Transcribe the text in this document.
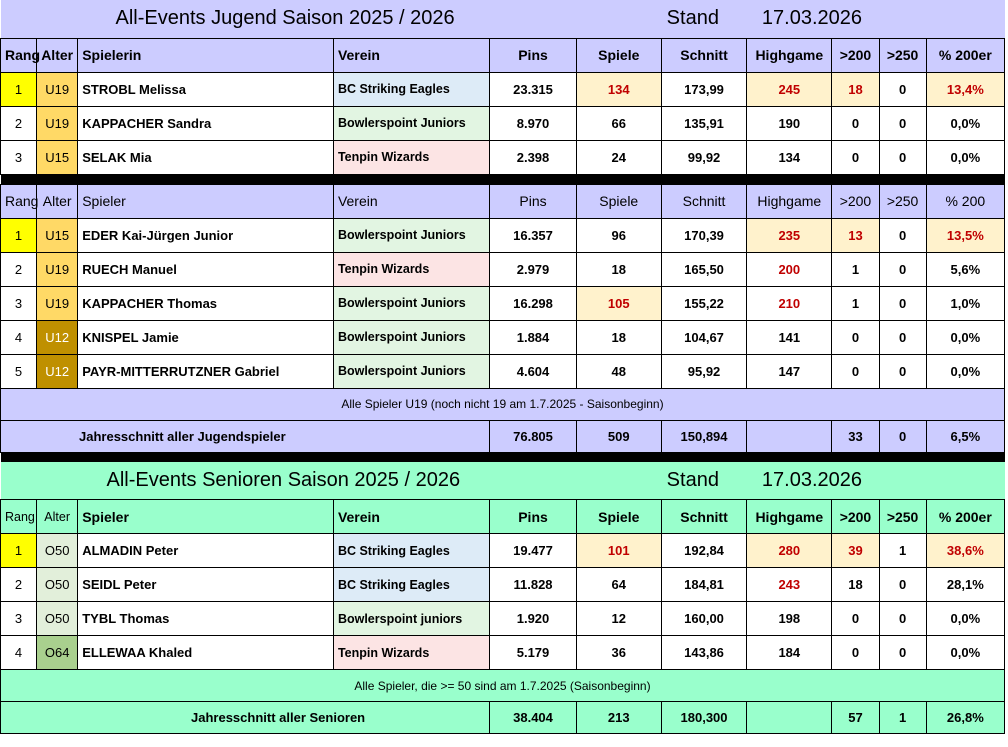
All-Events Jugend Saison 2025 / 2026							Stand	17.03.2026		
Rang	Alter	Spielerin	Verein	Pins	Spiele	Schnitt	Highgame	>200	>250	% 200er
1	U19	STROBL Melissa	BC Striking Eagles	23.315	134	173,99	245	18	0	13,4%
2	U19	KAPPACHER Sandra	Bowlerspoint Juniors	8.970	66	135,91	190	0	0	0,0%
3	U15	SELAK Mia	Tenpin Wizards	2.398	24	99,92	134	0	0	0,0%

Rang	Alter	Spieler	Verein	Pins	Spiele	Schnitt	Highgame	>200	>250	% 200
1	U15	EDER Kai-Jürgen Junior	Bowlerspoint Juniors	16.357	96	170,39	235	13	0	13,5%
2	U19	RUECH Manuel	Tenpin Wizards	2.979	18	165,50	200	1	0	5,6%
3	U19	KAPPACHER Thomas	Bowlerspoint Juniors	16.298	105	155,22	210	1	0	1,0%
4	U12	KNISPEL Jamie	Bowlerspoint Juniors	1.884	18	104,67	141	0	0	0,0%
5	U12	PAYR-MITTERRUTZNER Gabriel	Bowlerspoint Juniors	4.604	48	95,92	147	0	0	0,0%
Alle Spieler U19 (noch nicht 19 am 1.7.2025 - Saisonbeginn)										
Jahresschnitt aller Jugendspieler				76.805	509	150,894		33	0	6,5%

All-Events Senioren Saison 2025 / 2026							Stand	17.03.2026		
Rang	Alter	Spieler	Verein	Pins	Spiele	Schnitt	Highgame	>200	>250	% 200er
1	O50	ALMADIN Peter	BC Striking Eagles	19.477	101	192,84	280	39	1	38,6%
2	O50	SEIDL Peter	BC Striking Eagles	11.828	64	184,81	243	18	0	28,1%
3	O50	TYBL Thomas	Bowlerspoint juniors	1.920	12	160,00	198	0	0	0,0%
4	O64	ELLEWAA Khaled	Tenpin Wizards	5.179	36	143,86	184	0	0	0,0%
Alle Spieler, die >= 50 sind am 1.7.2025 (Saisonbeginn)										
Jahresschnitt aller Senioren				38.404	213	180,300		57	1	26,8%
